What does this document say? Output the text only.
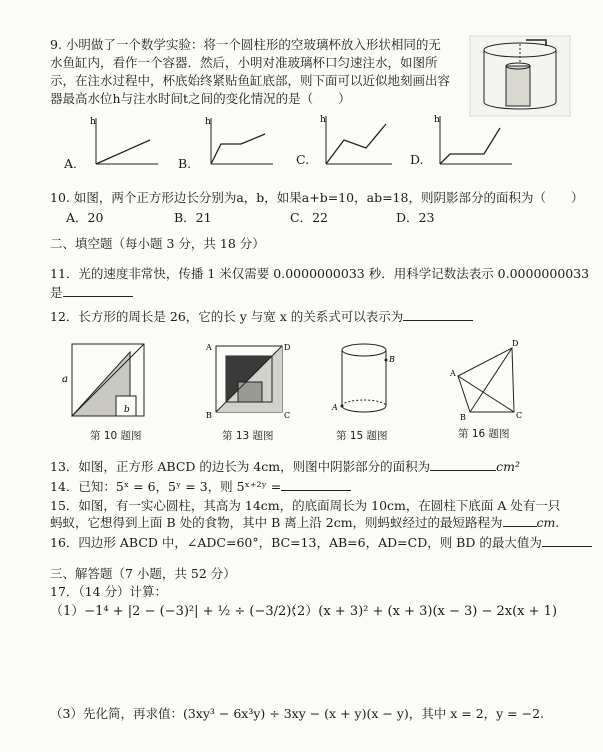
9. 小明做了一个数学实验：将一个圆柱形的空玻璃杯放入形状相同的无水鱼缸内，看作一个容器．然后，小明对准玻璃杯口匀速注水，如图所示，在注水过程中，杯底始终紧贴鱼缸底部，则下面可以近似地刻画出容器最高水位h与注水时间t之间的变化情况的是（　　）
A.
h
B.
h
C.
h
D.
h
10. 如图，两个正方形边长分别为a，b，如果a+b=10，ab=18，则阴影部分的面积为（　　）
A．20	B．21	C．22	D．23
二、填空题（每小题 3 分，共 18 分）
11．光的速度非常快，传播 1 米仅需要 0.0000000033 秒．用科学记数法表示 0.0000000033
是
12．长方形的周长是 26，它的长 y 与宽 x 的关系式可以表示为
a
b
第 10 题图
A	D
B	C
第 13 题图
A
B
第 15 题图
A
D
B	C
第 16 题图
13．如图，正方形 ABCD 的边长为 4cm，则图中阴影部分的面积为	cm²
14．已知：5ˣ = 6，5ʸ = 3，则 5ˣ⁺²ʸ =
15．如图，有一实心圆柱，其高为 14cm，的底面周长为 10cm，在圆柱下底面 A 处有一只
蚂蚁，它想得到上面 B 处的食物，其中 B 离上沿 2cm，则蚂蚁经过的最短路程为	cm.
16．四边形 ABCD 中，∠ADC=60°，BC=13，AB=6，AD=CD，则 BD 的最大值为
三、解答题（7 小题，共 52 分）
17．（14 分）计算：
（1）−1⁴ + |2 − (−3)²| + ½ ÷ (−3/2)；
（2）(x + 3)² + (x + 3)(x − 3) − 2x(x + 1)
（3）先化简，再求值：(3xy³ − 6x³y) ÷ 3xy − (x + y)(x − y)，其中 x = 2，y = −2.
